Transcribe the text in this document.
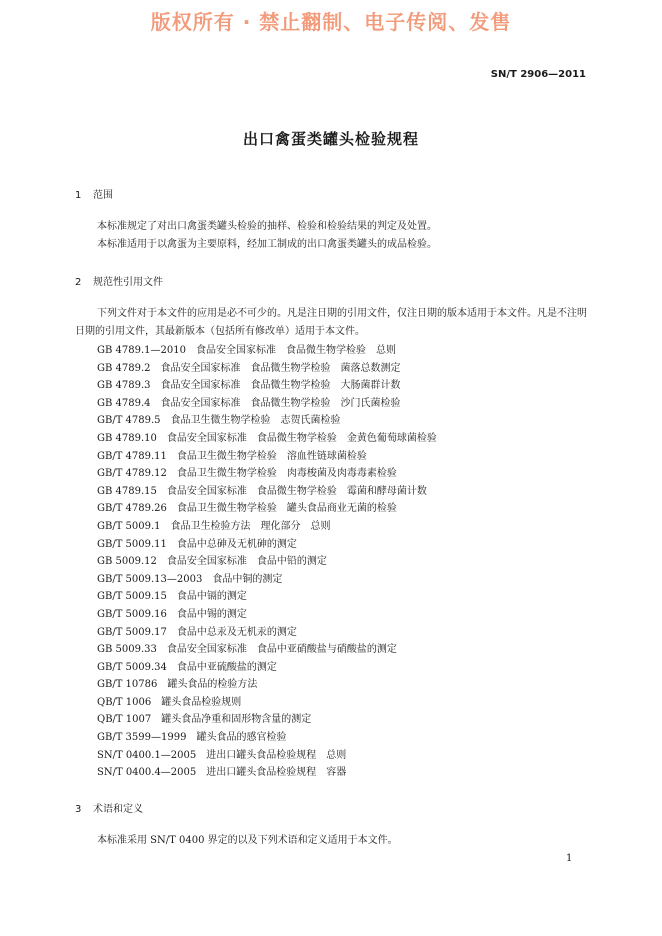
版权所有 · 禁止翻制、电子传阅、发售
SN/T 2906—2011
出口禽蛋类罐头检验规程
1 范围

本标准规定了对出口禽蛋类罐头检验的抽样、检验和检验结果的判定及处置。

本标准适用于以禽蛋为主要原料，经加工制成的出口禽蛋类罐头的成品检验。

2 规范性引用文件

下列文件对于本文件的应用是必不可少的。凡是注日期的引用文件，仅注日期的版本适用于本文件。凡是不注明日期的引用文件，其最新版本（包括所有修改单）适用于本文件。

GB 4789.1—2010　食品安全国家标准　食品微生物学检验　总则
GB 4789.2　食品安全国家标准　食品微生物学检验　菌落总数测定
GB 4789.3　食品安全国家标准　食品微生物学检验　大肠菌群计数
GB 4789.4　食品安全国家标准　食品微生物学检验　沙门氏菌检验
GB/T 4789.5　食品卫生微生物学检验　志贺氏菌检验
GB 4789.10　食品安全国家标准　食品微生物学检验　金黄色葡萄球菌检验
GB/T 4789.11　食品卫生微生物学检验　溶血性链球菌检验
GB/T 4789.12　食品卫生微生物学检验　肉毒梭菌及肉毒毒素检验
GB 4789.15　食品安全国家标准　食品微生物学检验　霉菌和酵母菌计数
GB/T 4789.26　食品卫生微生物学检验　罐头食品商业无菌的检验
GB/T 5009.1　食品卫生检验方法　理化部分　总则
GB/T 5009.11　食品中总砷及无机砷的测定
GB 5009.12　食品安全国家标准　食品中铅的测定
GB/T 5009.13—2003　食品中铜的测定
GB/T 5009.15　食品中镉的测定
GB/T 5009.16　食品中锡的测定
GB/T 5009.17　食品中总汞及无机汞的测定
GB 5009.33　食品安全国家标准　食品中亚硝酸盐与硝酸盐的测定
GB/T 5009.34　食品中亚硫酸盐的测定
GB/T 10786　罐头食品的检验方法
QB/T 1006　罐头食品检验规则
QB/T 1007　罐头食品净重和固形物含量的测定
GB/T 3599—1999　罐头食品的感官检验
SN/T 0400.1—2005　进出口罐头食品检验规程　总则
SN/T 0400.4—2005　进出口罐头食品检验规程　容器
3 术语和定义

本标准采用 SN/T 0400 界定的以及下列术语和定义适用于本文件。

1
